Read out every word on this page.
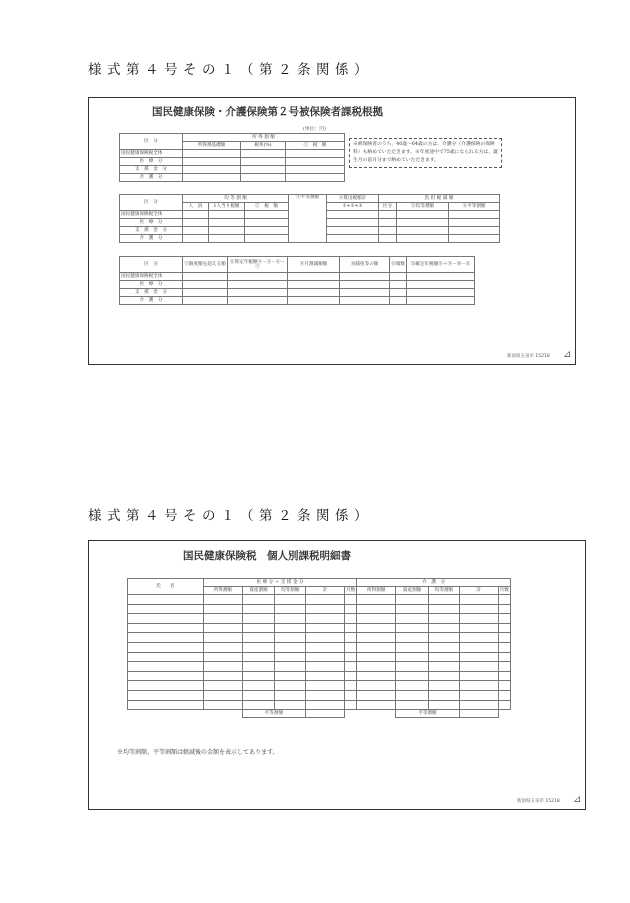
様式第４号その１（第２条関係）
国民健康保険・介護保険第２号被保険者課税根拠
(単位：円)
区　分	所 得 割 額		
	所得割基礎額	税率(%)	①　税　額
国民健康保険税全体			
医　療　分			
支　援　金　分			
介　護　分			
※被保険者のうち、40歳～64歳の方は、介護分（介護保険の保険料）も納めていただきます。※年度途中で75歳になられる方は、誕生月の前月分まで納めていただきます。
区　分	均 等 割 額			③平等割額	④算出税額計	負 担 軽 減 額		
	人　員	1人当り税額	②　税　額		①+②+③	区分	⑤均等割額	⑥平等割額
国民健康保険税全体								
医　療　分								
支　援　金　分								
介　護　分								
区　分	⑦限度額を超える額	⑧算定年税額④－⑤－⑥－⑦	⑨月割減額額	⑩減免等の額	⑪端数	⑫確定年税額⑧＋⑨－⑩－⑪
国民健康保険税全体						
医　療　分						
支　援　金　分						
介　護　分						
新潟県五泉市 15218 ⊿
様式第４号その１（第２条関係）
国民健康保険税　個人別課税明細書
氏　　名	医 療 分 ＋ 支 援 金 分					介　護　分				
	所得割額	資産割額	均等割額	計	月数	所得割額	資産割額	均等割額	計	月数

		平等割額					平等割額			
※均等割額、平等割額は軽減後の金額を表示してあります。
新潟県五泉市 15218 ⊿
